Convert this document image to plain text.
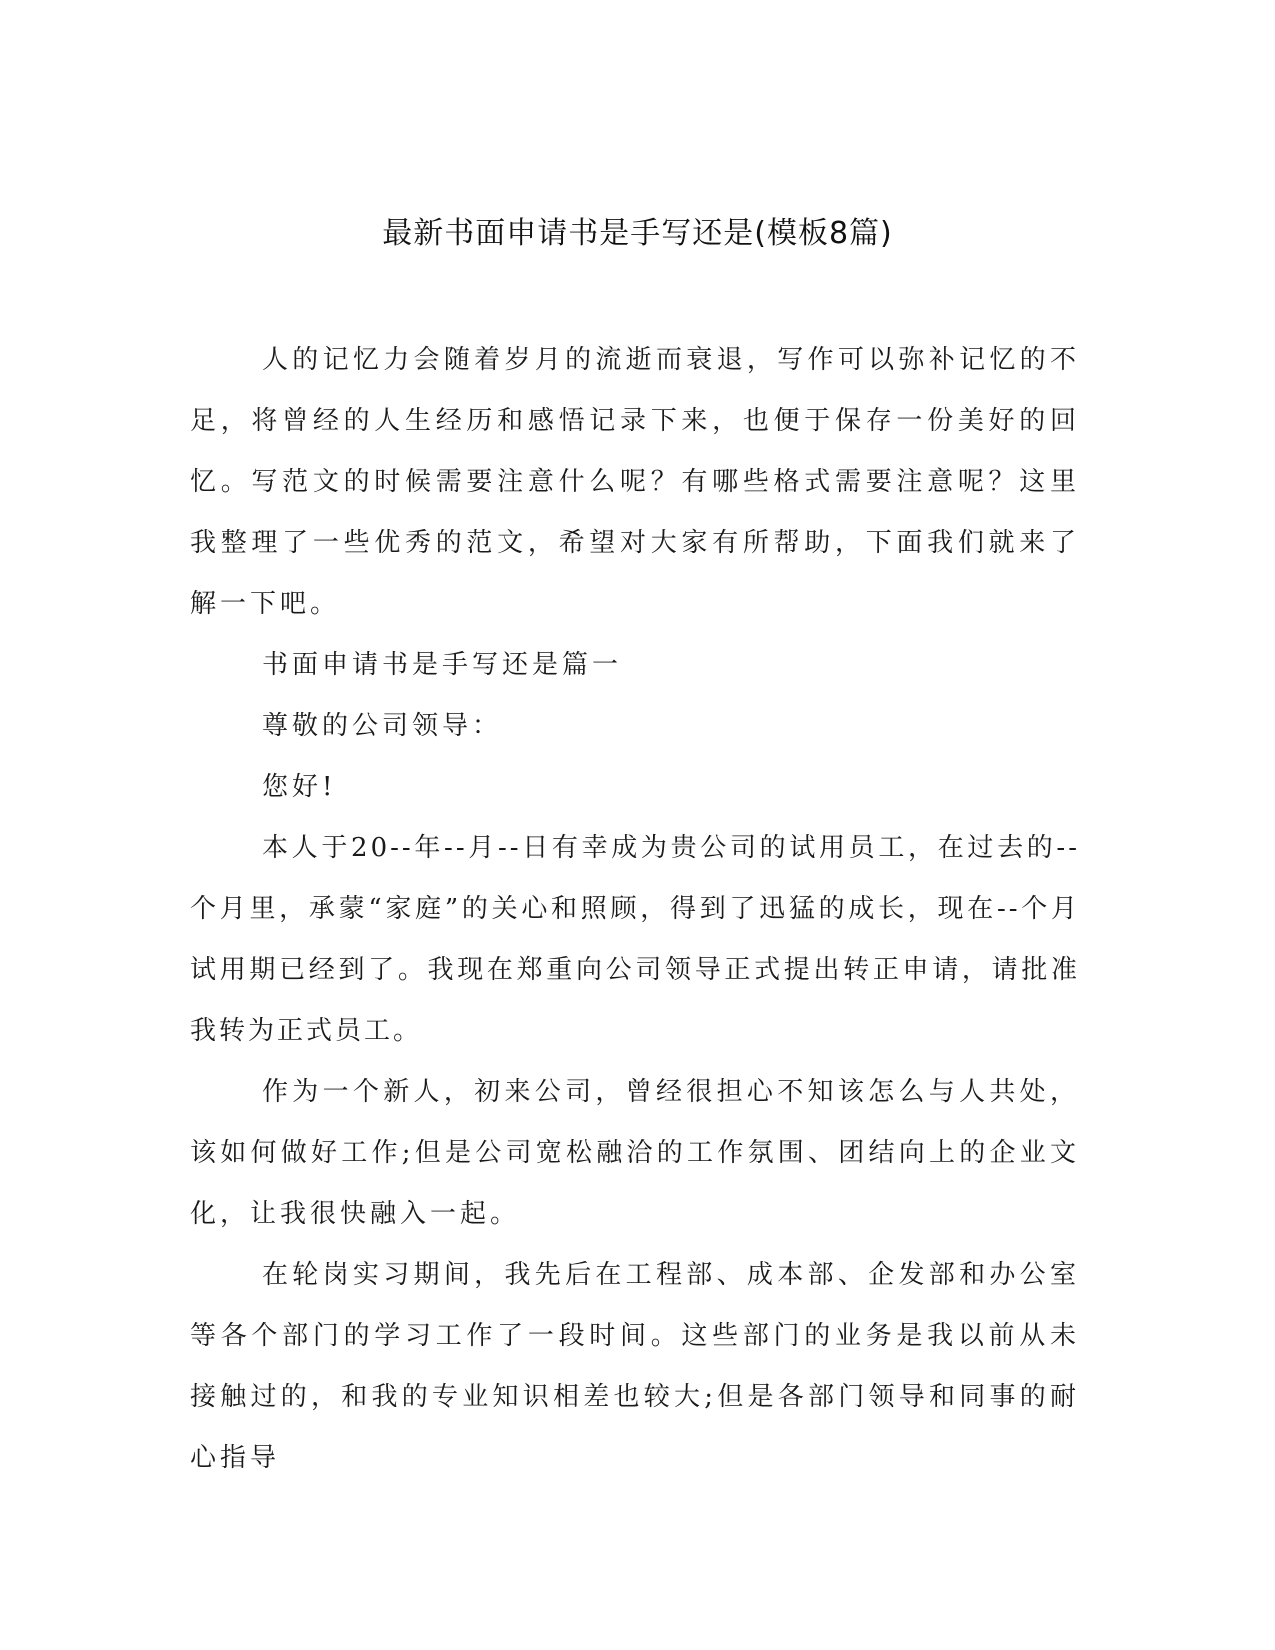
最新书面申请书是手写还是(模板8篇)

人的记忆力会随着岁月的流逝而衰退，写作可以弥补记忆的不足，将曾经的人生经历和感悟记录下来，也便于保存一份美好的回忆。写范文的时候需要注意什么呢？有哪些格式需要注意呢？这里我整理了一些优秀的范文，希望对大家有所帮助，下面我们就来了解一下吧。

书面申请书是手写还是篇一

尊敬的公司领导：

您好!

本人于20--年--月--日有幸成为贵公司的试用员工，在过去的--个月里，承蒙“家庭”的关心和照顾，得到了迅猛的成长，现在--个月试用期已经到了。我现在郑重向公司领导正式提出转正申请，请批准我转为正式员工。

作为一个新人，初来公司，曾经很担心不知该怎么与人共处，该如何做好工作;但是公司宽松融洽的工作氛围、团结向上的企业文化，让我很快融入一起。

在轮岗实习期间，我先后在工程部、成本部、企发部和办公室等各个部门的学习工作了一段时间。这些部门的业务是我以前从未接触过的，和我的专业知识相差也较大;但是各部门领导和同事的耐心指导
